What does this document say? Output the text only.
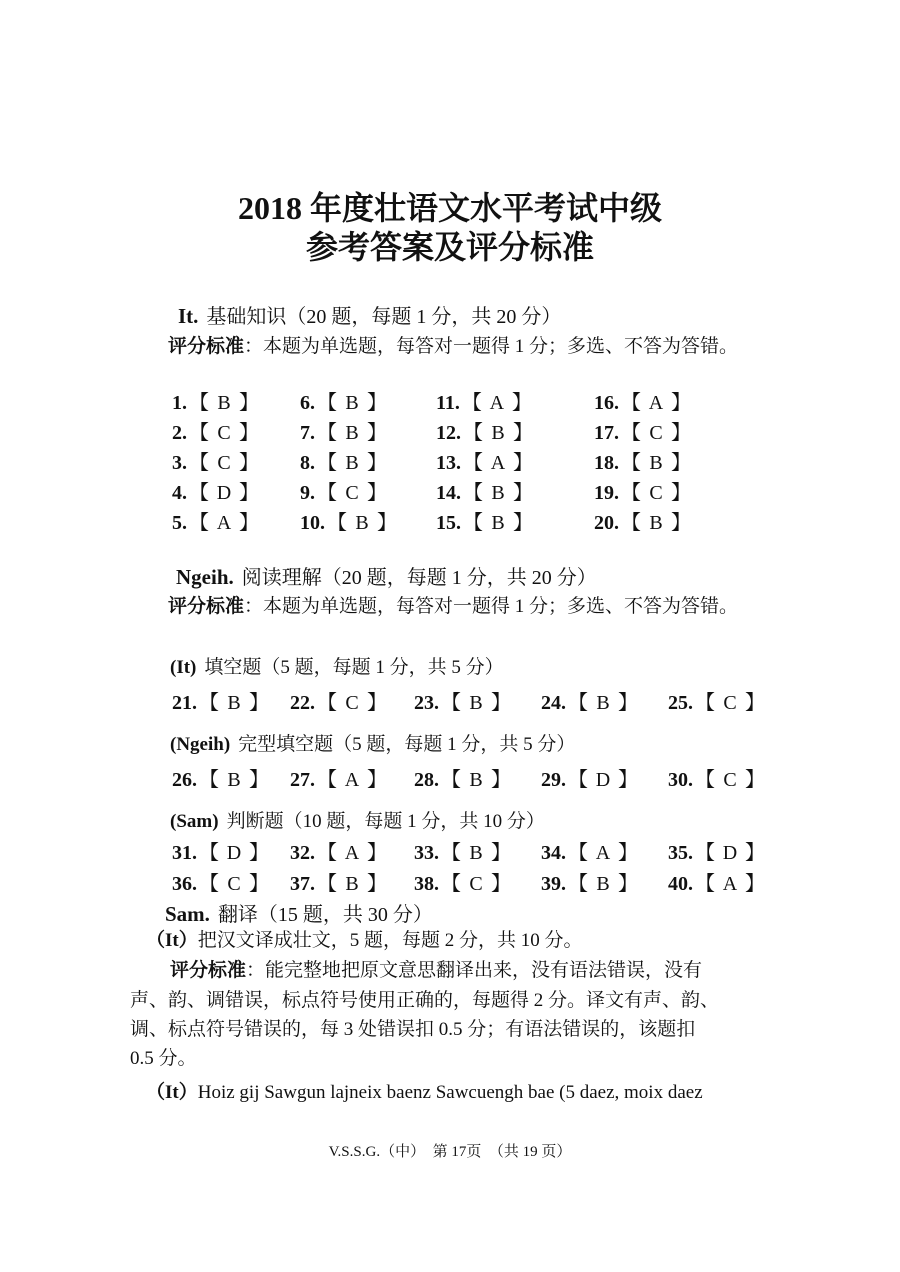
2018 年度壮语文水平考试中级
参考答案及评分标准
It. 基础知识（20 题，每题 1 分，共 20 分）
评分标准：本题为单选题，每答对一题得 1 分；多选、不答为答错。
1. 【 B 】
2. 【 C 】
3. 【 C 】
4. 【 D 】
5. 【 A 】
6. 【 B 】
7. 【 B 】
8. 【 B 】
9. 【 C 】
10. 【 B 】
11. 【 A 】
12. 【 B 】
13. 【 A 】
14. 【 B 】
15. 【 B 】
16. 【 A 】
17. 【 C 】
18. 【 B 】
19. 【 C 】
20. 【 B 】
Ngeih. 阅读理解（20 题，每题 1 分，共 20 分）
评分标准：本题为单选题，每答对一题得 1 分；多选、不答为答错。
(It) 填空题（5 题，每题 1 分，共 5 分）
21. 【 B 】 22. 【 C 】 23. 【 B 】 24. 【 B 】 25. 【 C 】
(Ngeih) 完型填空题（5 题，每题 1 分，共 5 分）
26. 【 B 】 27. 【 A 】 28. 【 B 】 29. 【 D 】 30. 【 C 】
(Sam) 判断题（10 题，每题 1 分，共 10 分）
31. 【 D 】 32. 【 A 】 33. 【 B 】 34. 【 A 】 35. 【 D 】
36. 【 C 】 37. 【 B 】 38. 【 C 】 39. 【 B 】 40. 【 A 】
Sam. 翻译（15 题，共 30 分）
（It）把汉文译成壮文，5 题，每题 2 分，共 10 分。
评分标准：能完整地把原文意思翻译出来，没有语法错误，没有
声、韵、调错误，标点符号使用正确的，每题得 2 分。译文有声、韵、
调、标点符号错误的，每 3 处错误扣 0.5 分；有语法错误的，该题扣
0.5 分。
（It）Hoiz gij Sawgun lajneix baenz Sawcuengh bae (5 daez, moix daez
V.S.S.G.（中）　第 17页　（共 19 页）
